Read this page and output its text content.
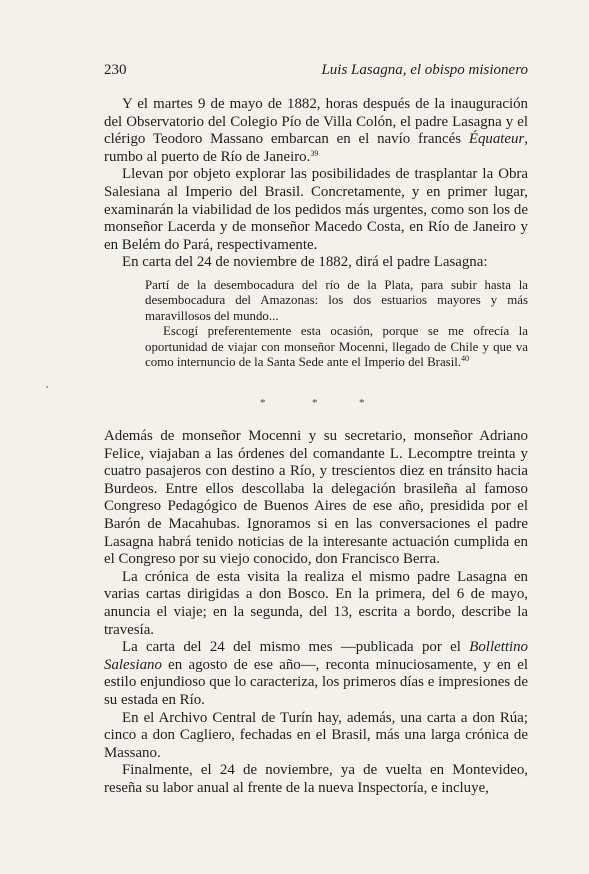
230	Luis Lasagna, el obispo misionero

Y el martes 9 de mayo de 1882, horas después de la inauguración del Observatorio del Colegio Pío de Villa Colón, el padre Lasagna y el clérigo Teodoro Massano embarcan en el navío francés Équateur, rumbo al puerto de Río de Janeiro.$^{39}$

Llevan por objeto explorar las posibilidades de trasplantar la Obra Salesiana al Imperio del Brasil. Concretamente, y en primer lugar, examinarán la viabilidad de los pedidos más urgentes, como son los de monseñor Lacerda y de monseñor Macedo Costa, en Río de Janeiro y en Belém do Pará, respectivamente.

En carta del 24 de noviembre de 1882, dirá el padre Lasagna:

Partí de la desembocadura del río de la Plata, para subir hasta la desembocadura del Amazonas: los dos estuarios mayores y más maravillosos del mundo...

Escogí preferentemente esta ocasión, porque se me ofrecía la oportunidad de viajar con monseñor Mocenni, llegado de Chile y que va como internuncio de la Santa Sede ante el Imperio del Brasil.$^{40}$

*	*	*

Además de monseñor Mocenni y su secretario, monseñor Adriano Felice, viajaban a las órdenes del comandante L. Lecomptre treinta y cuatro pasajeros con destino a Río, y trescientos diez en tránsito hacia Burdeos. Entre ellos descollaba la delegación brasileña al famoso Congreso Pedagógico de Buenos Aires de ese año, presidida por el Barón de Macahubas. Ignoramos si en las conversaciones el padre Lasagna habrá tenido noticias de la interesante actuación cumplida en el Congreso por su viejo conocido, don Francisco Berra.

La crónica de esta visita la realiza el mismo padre Lasagna en varias cartas dirigidas a don Bosco. En la primera, del 6 de mayo, anuncia el viaje; en la segunda, del 13, escrita a bordo, describe la travesía.

La carta del 24 del mismo mes —publicada por el Bollettino Salesiano en agosto de ese año—, reconta minuciosamente, y en el estilo enjundioso que lo caracteriza, los primeros días e impresiones de su estada en Río.

En el Archivo Central de Turín hay, además, una carta a don Rúa; cinco a don Cagliero, fechadas en el Brasil, más una larga crónica de Massano.

Finalmente, el 24 de noviembre, ya de vuelta en Montevideo, reseña su labor anual al frente de la nueva Inspectoría, e incluye,
